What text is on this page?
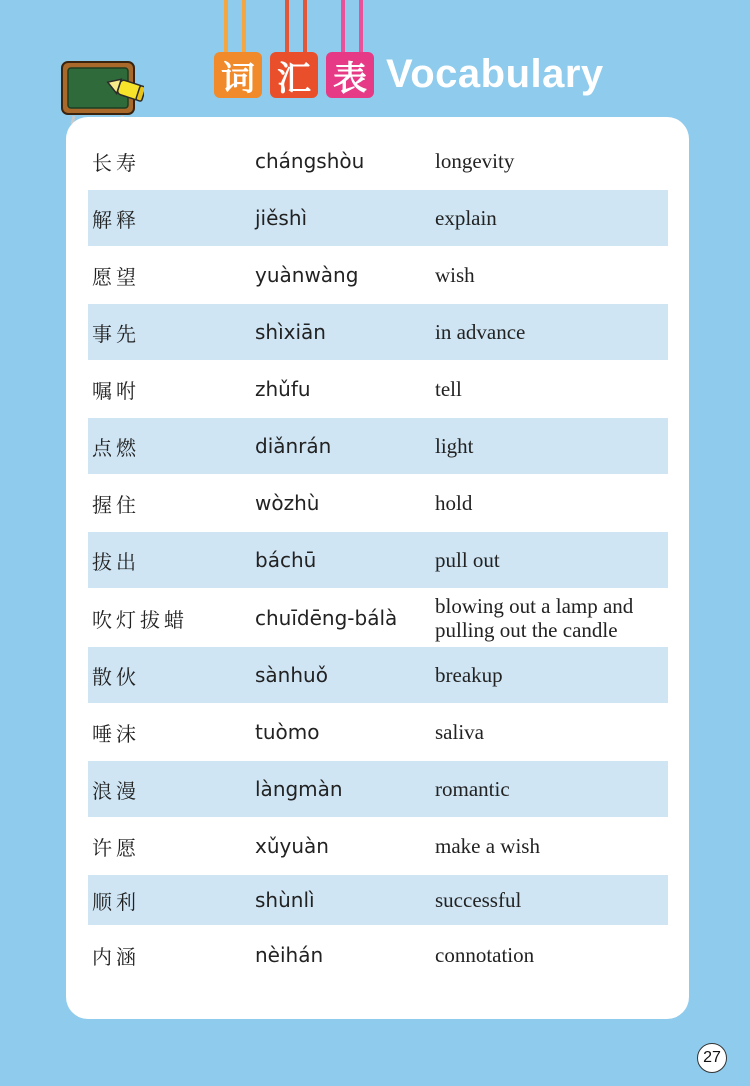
词 汇 表 Vocabulary
长寿	chángshòu	longevity
解释	jiěshì	explain
愿望	yuànwàng	wish
事先	shìxiān	in advance
嘱咐	zhǔfu	tell
点燃	diǎnrán	light
握住	wòzhù	hold
拔出	báchū	pull out
吹灯拔蜡	chuīdēng-bálà blowing out a lamp and pulling out the candle
散伙	sànhuǒ	breakup
唾沫	tuòmo	saliva
浪漫	làngmàn	romantic
许愿	xǔyuàn	make a wish
顺利	shùnlì	successful
内涵	nèihán	connotation
27
